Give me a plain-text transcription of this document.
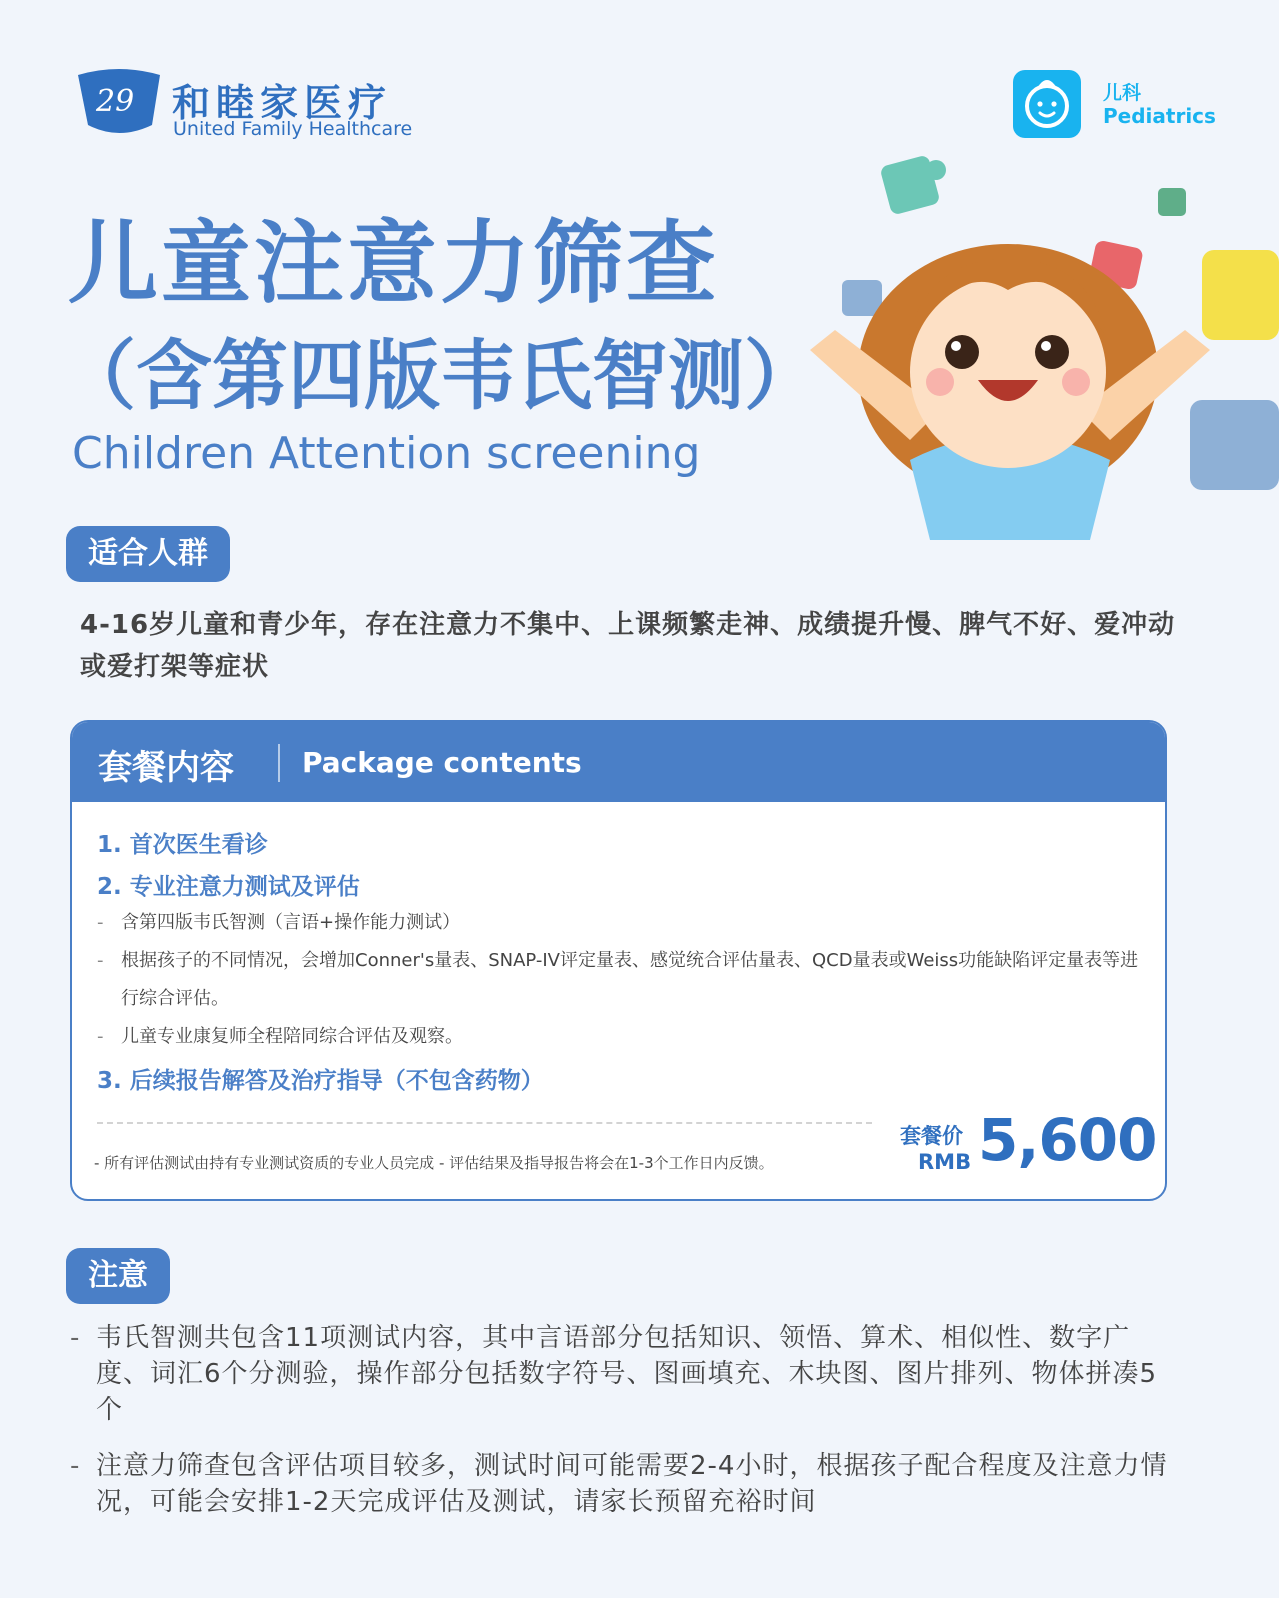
29 和睦家医疗
United Family Healthcare
儿科
Pediatrics
儿童注意力筛查
（含第四版韦氏智测）
Children Attention screening
适合人群
4-16岁儿童和青少年，存在注意力不集中、上课频繁走神、成绩提升慢、脾气不好、爱冲动或爱打架等症状
套餐内容 Package contents
1. 首次医生看诊
2. 专业注意力测试及评估
- 含第四版韦氏智测（言语+操作能力测试）
- 根据孩子的不同情况，会增加Conner's量表、SNAP-IV评定量表、感觉统合评估量表、QCD量表或Weiss功能缺陷评定量表等进行综合评估。
- 儿童专业康复师全程陪同综合评估及观察。
3. 后续报告解答及治疗指导（不包含药物）
- 所有评估测试由持有专业测试资质的专业人员完成 - 评估结果及指导报告将会在1-3个工作日内反馈。
套餐价
RMB 5,600
注意
- 韦氏智测共包含11项测试内容，其中言语部分包括知识、领悟、算术、相似性、数字广度、词汇6个分测验，操作部分包括数字符号、图画填充、木块图、图片排列、物体拼凑5个
- 注意力筛查包含评估项目较多，测试时间可能需要2-4小时，根据孩子配合程度及注意力情况，可能会安排1-2天完成评估及测试，请家长预留充裕时间
